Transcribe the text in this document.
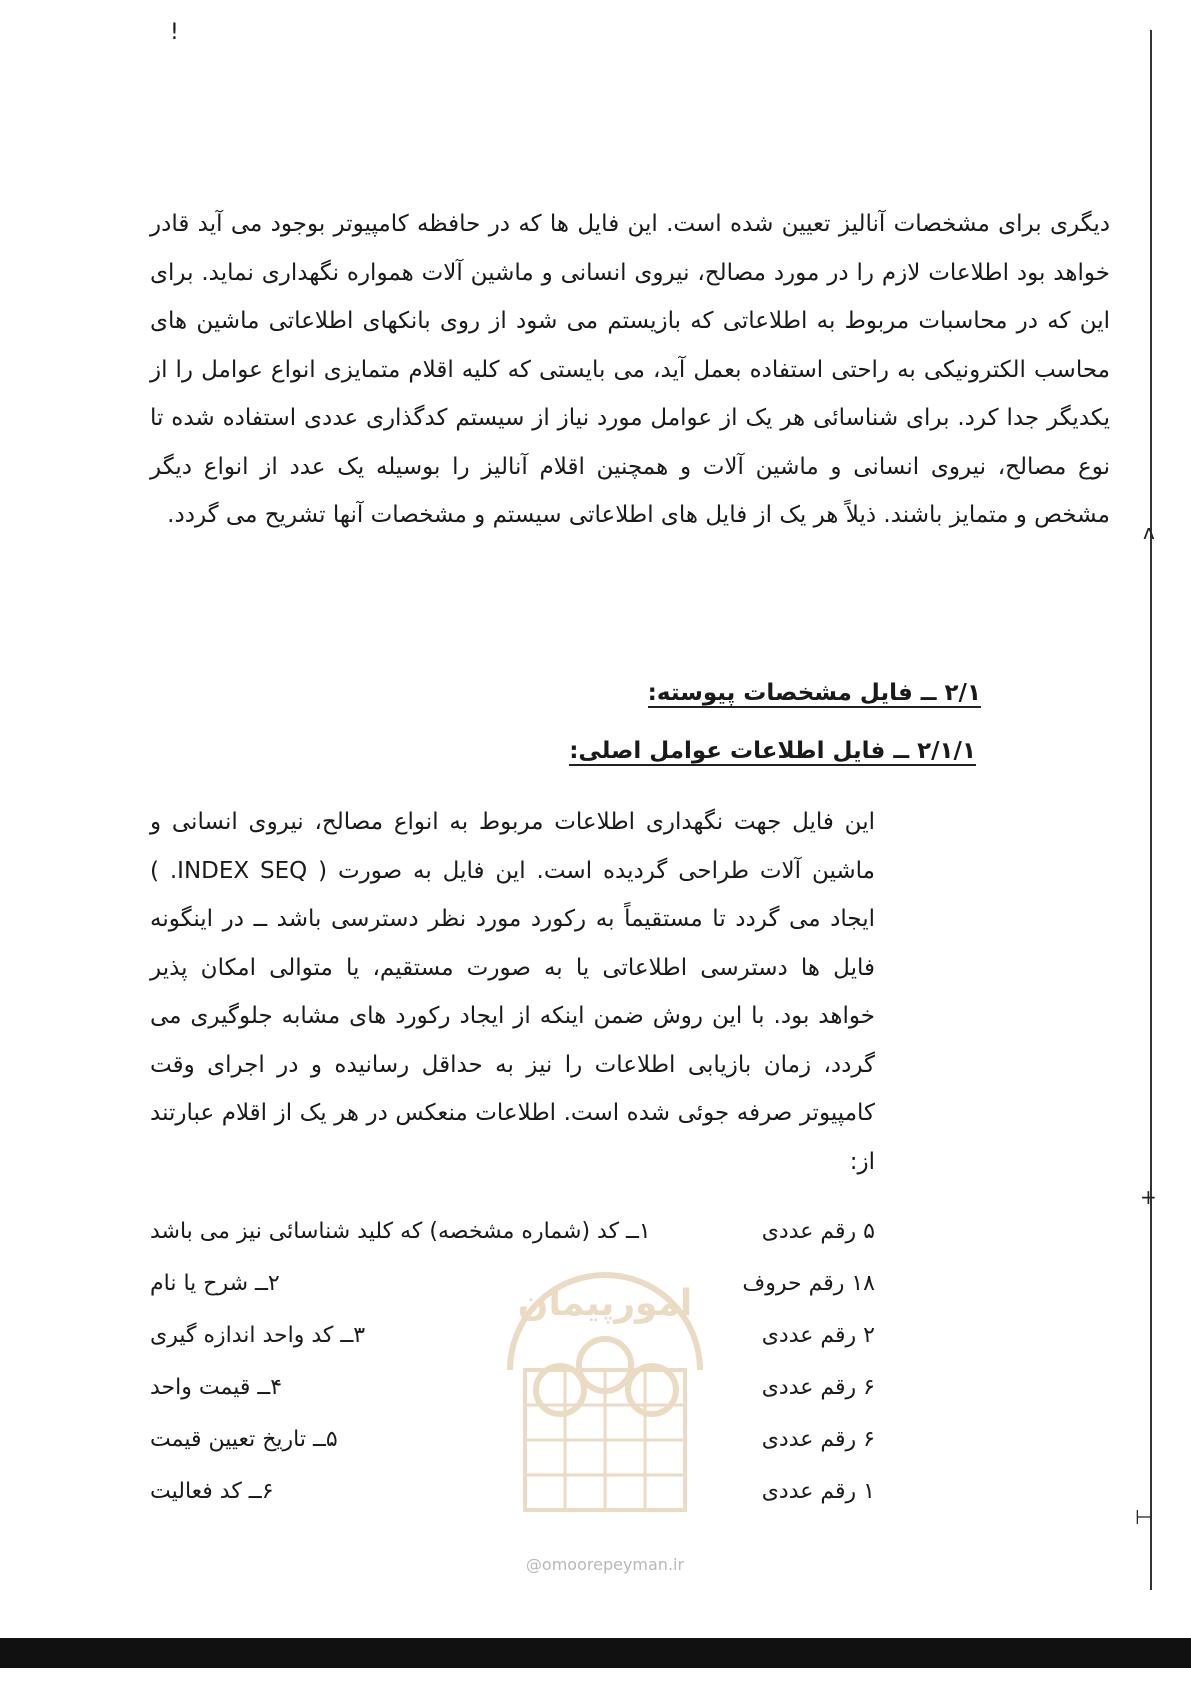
!
ʌ
+
⊢

دیگری برای مشخصات آنالیز تعیین شده است. این فایل ها که در حافظه کامپیوتر بوجود می آید قادر خواهد بود اطلاعات لازم را در مورد مصالح، نیروی انسانی و ماشین آلات همواره نگهداری نماید. برای این که در محاسبات مربوط به اطلاعاتی که بازیستم می شود از روی بانکهای اطلاعاتی ماشین های محاسب الکترونیکی به راحتی استفاده بعمل آید، می بایستی که کلیه اقلام متمایزی انواع عوامل را از یکدیگر جدا کرد. برای شناسائی هر یک از عوامل مورد نیاز از سیستم کدگذاری عددی استفاده شده تا نوع مصالح، نیروی انسانی و ماشین آلات و همچنین اقلام آنالیز را بوسیله یک عدد از انواع دیگر مشخص و متمایز باشند. ذیلاً هر یک از فایل های اطلاعاتی سیستم و مشخصات آنها تشریح می گردد.

۲/۱ ــ فایل مشخصات پیوسته:
۲/۱/۱ ــ فایل اطلاعات عوامل اصلی:

این فایل جهت نگهداری اطلاعات مربوط به انواع مصالح، نیروی انسانی و ماشین آلات طراحی گردیده است. این فایل به صورت ( INDEX SEQ. ) ایجاد می گردد تا مستقیماً به رکورد مورد نظر دسترسی باشد ــ در اینگونه فایل ها دسترسی اطلاعاتی یا به صورت مستقیم، یا متوالی امکان پذیر خواهد بود. با این روش ضمن اینکه از ایجاد رکورد های مشابه جلوگیری می گردد، زمان بازیابی اطلاعات را نیز به حداقل رسانیده و در اجرای وقت کامپیوتر صرفه جوئی شده است. اطلاعات منعکس در هر یک از اقلام عبارتند از:

۱ــ کد (شماره مشخصه) که کلید شناسائی نیز می باشد	۵ رقم عددی
۲ــ شرح یا نام	۱۸ رقم حروف
۳ــ کد واحد اندازه گیری	۲ رقم عددی
۴ــ قیمت واحد	۶ رقم عددی
۵ــ تاریخ تعیین قیمت	۶ رقم عددی
۶ــ کد فعالیت	۱ رقم عددی
امورپیمان
@omoorepeyman.ir
